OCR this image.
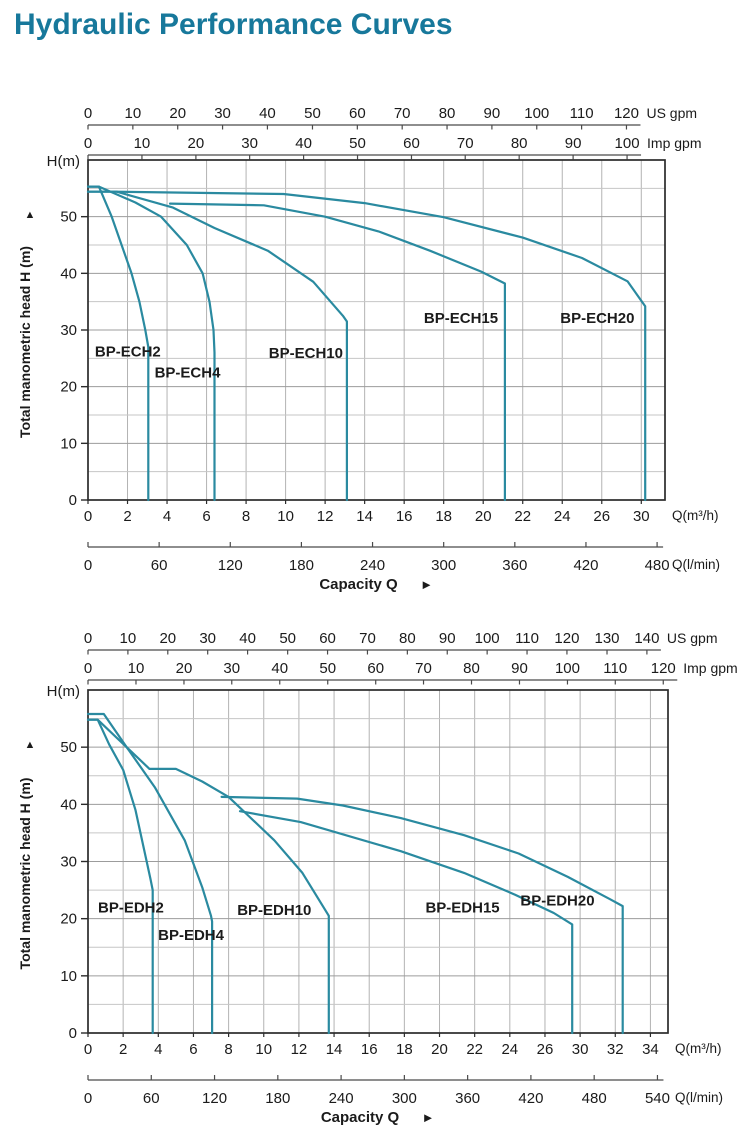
Hydraulic Performance Curves
0
10
20
30
40
50
H(m)
Total manometric head H (m)
▲
0 10 20 30 40 50 60 70 80 90 100 110 120 US gpm
0	10 20 30 40 50 60 70 80 90 100 Imp gpm
0 2 4 6 8 10 12 14 16 18 20 22 24 26 30 Q(m³/h)
0	60	120	180	240	300	360	420	480 Q(l/min)
BP-ECH2
BP-ECH4
BP-ECH10
BP-ECH15	BP-ECH20
Capacity Q ►
0
10
20
30
40
50
H(m)
Total manometric head H (m)
▲
0 10 20 30 40 50 60 70 80 90 100 110 120 130 140 US gpm
0 10 20 30 40 50 60 70 80 90 100 110 120 Imp gpm
0 2 4 6 8 10 12 14 16 18 20 22 24 26 30 32 34 Q(m³/h)
0	60	120	180	240	300	360	420	480	540 Q(l/min)
BP-EDH2
BP-EDH4
BP-EDH10	BP-EDH15 BP-EDH20
Capacity Q ►
